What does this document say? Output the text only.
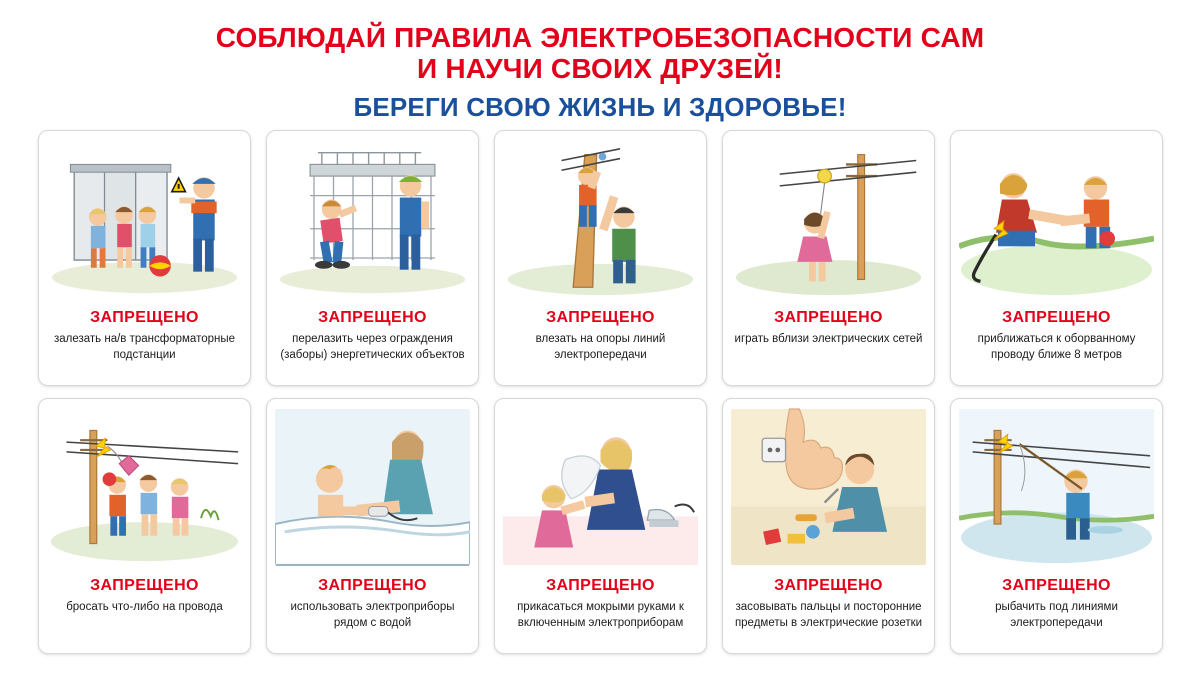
СОБЛЮДАЙ ПРАВИЛА ЭЛЕКТРОБЕЗОПАСНОСТИ САМ
И НАУЧИ СВОИХ ДРУЗЕЙ!
БЕРЕГИ СВОЮ ЖИЗНЬ И ЗДОРОВЬЕ!
ЗАПРЕЩЕНО
залезать на/в трансформаторные подстанции
ЗАПРЕЩЕНО
перелазить через ограждения (заборы) энергетических объектов
ЗАПРЕЩЕНО
влезать на опоры линий электропередачи
ЗАПРЕЩЕНО
играть вблизи электрических сетей
ЗАПРЕЩЕНО
приближаться к оборванному проводу ближе 8 метров
ЗАПРЕЩЕНО
бросать что-либо на провода
ЗАПРЕЩЕНО
использовать электроприборы рядом с водой
ЗАПРЕЩЕНО
прикасаться мокрыми руками к включенным электроприборам
ЗАПРЕЩЕНО
засовывать пальцы и посторонние предметы в электрические розетки
ЗАПРЕЩЕНО
рыбачить под линиями электропередачи
